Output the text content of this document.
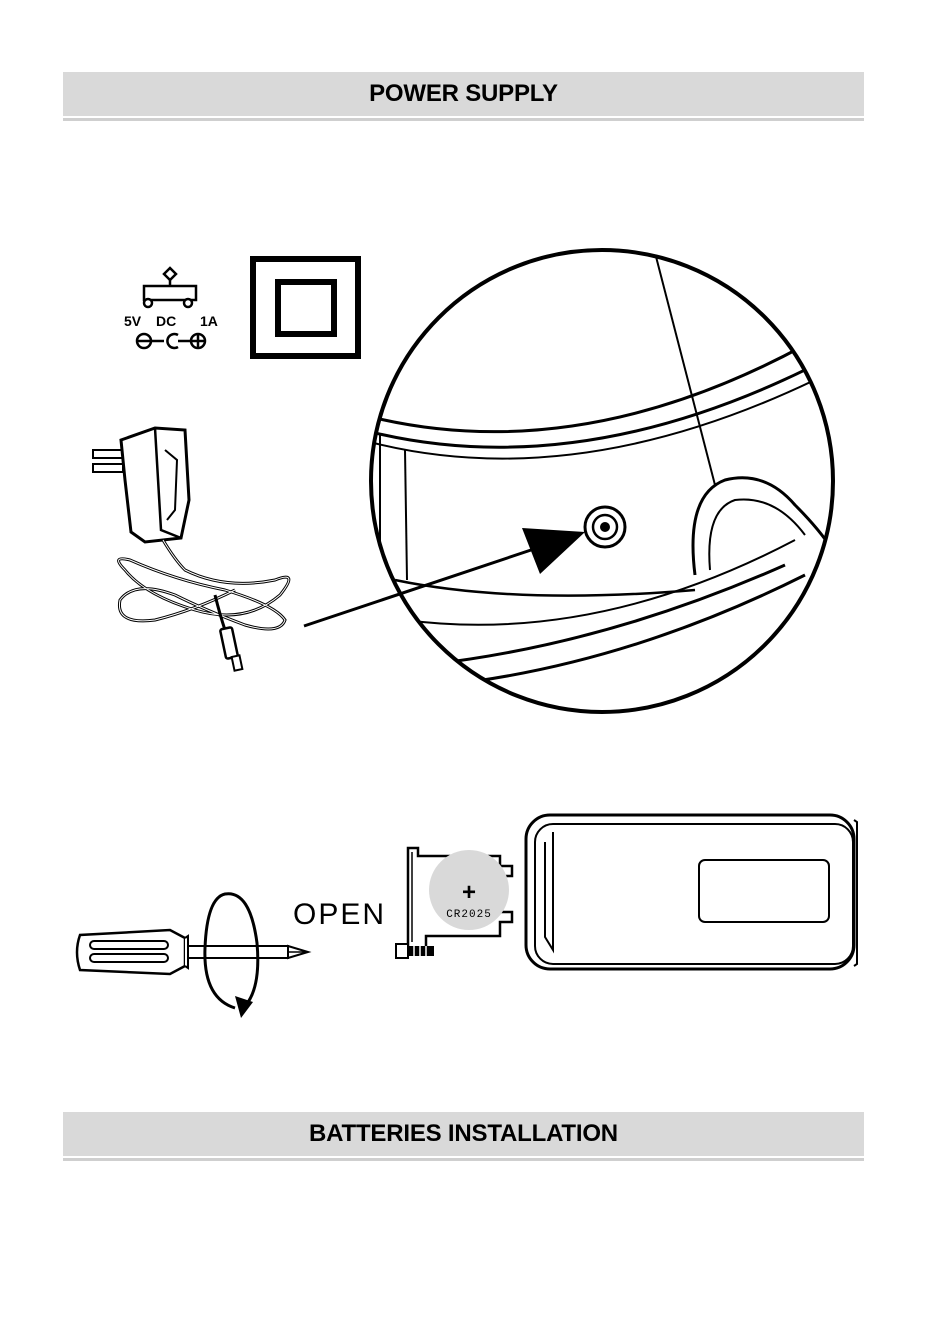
POWER SUPPLY
5V DC 1A
OPEN
+
CR2025
BATTERIES INSTALLATION
